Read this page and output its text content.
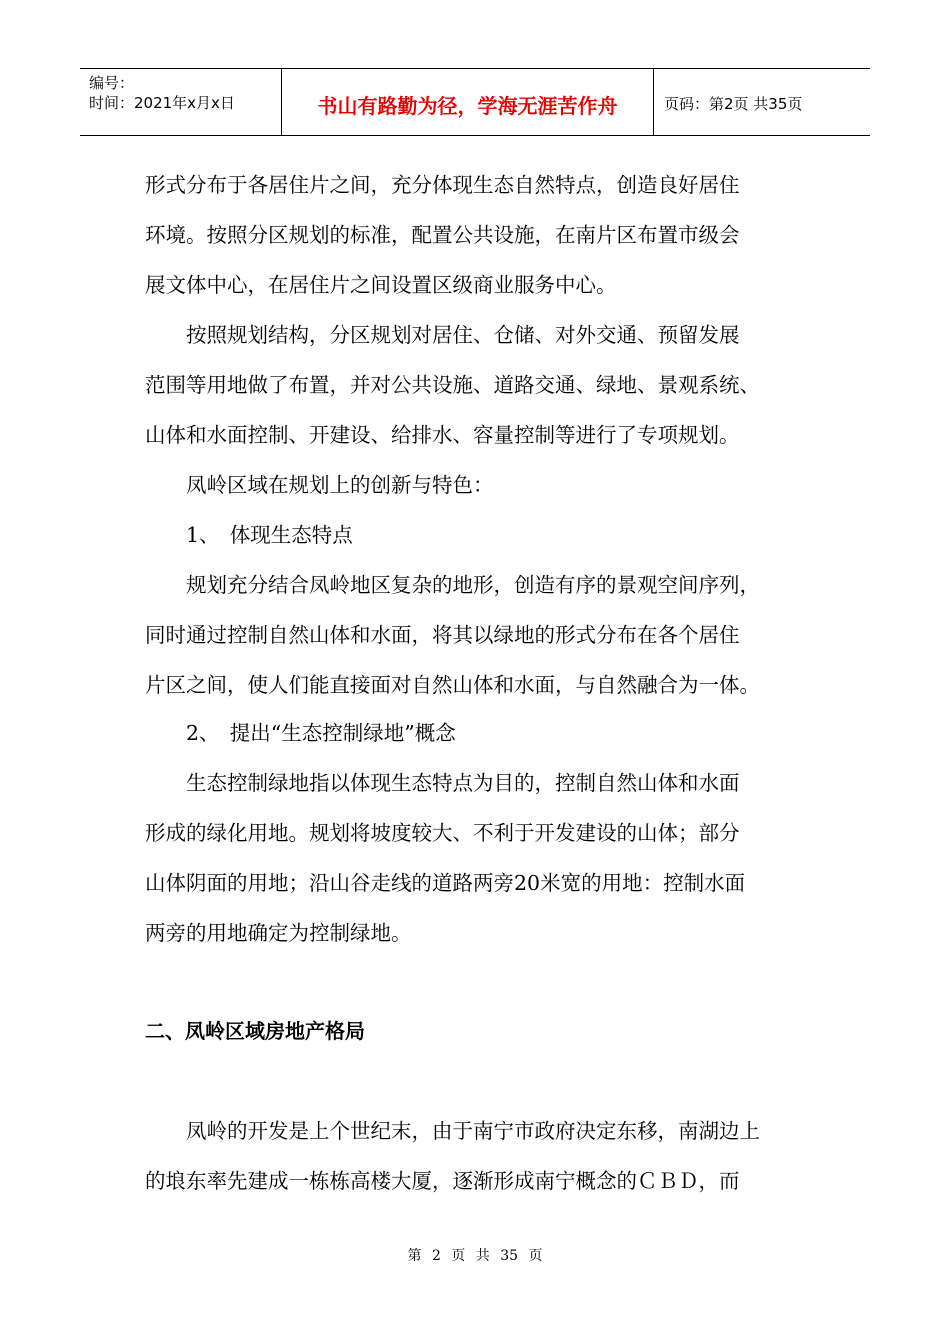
编号：
时间：2021年x月x日	书山有路勤为径，学海无涯苦作舟	页码：第2页 共35页
形式分布于各居住片之间，充分体现生态自然特点，创造良好居住
环境。按照分区规划的标准，配置公共设施，在南片区布置市级会
展文体中心，在居住片之间设置区级商业服务中心。
　　按照规划结构，分区规划对居住、仓储、对外交通、预留发展
范围等用地做了布置，并对公共设施、道路交通、绿地、景观系统、
山体和水面控制、开建设、给排水、容量控制等进行了专项规划。
　　凤岭区域在规划上的创新与特色：
　　1、　体现生态特点
　　规划充分结合凤岭地区复杂的地形，创造有序的景观空间序列，
同时通过控制自然山体和水面，将其以绿地的形式分布在各个居住
片区之间，使人们能直接面对自然山体和水面，与自然融合为一体。
　　2、　提出“生态控制绿地”概念
　　生态控制绿地指以体现生态特点为目的，控制自然山体和水面
形成的绿化用地。规划将坡度较大、不利于开发建设的山体；部分
山体阴面的用地；沿山谷走线的道路两旁20米宽的用地：控制水面
两旁的用地确定为控制绿地。
二、凤岭区域房地产格局
　　凤岭的开发是上个世纪末，由于南宁市政府决定东移，南湖边上
的埌东率先建成一栋栋高楼大厦，逐渐形成南宁概念的ＣＢＤ，而
第 2 页 共 35 页
